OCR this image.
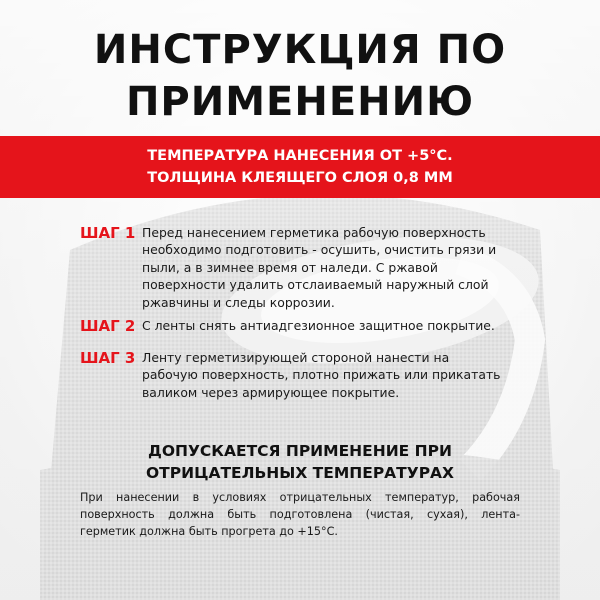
ИНСТРУКЦИЯ ПО
ПРИМЕНЕНИЮ
ТЕМПЕРАТУРА НАНЕСЕНИЯ ОТ +5°С.
ТОЛЩИНА КЛЕЯЩЕГО СЛОЯ 0,8 ММ
ШАГ 1 Перед нанесением герметика рабочую поверхность
необходимо подготовить - осушить, очистить грязи и
пыли, а в зимнее время от наледи. С ржавой
поверхности удалить отслаиваемый наружный слой
ржавчины и следы коррозии.
ШАГ 2 С ленты снять антиадгезионное защитное покрытие.
ШАГ 3 Ленту герметизирующей стороной нанести на
рабочую поверхность, плотно прижать или прикатать
валиком через армирующее покрытие.
ДОПУСКАЕТСЯ ПРИМЕНЕНИЕ ПРИ
ОТРИЦАТЕЛЬНЫХ ТЕМПЕРАТУРАХ
При нанесении в условиях отрицательных температур, рабочая
поверхность должна быть подготовлена (чистая, сухая), лента-
герметик должна быть прогрета до +15°С.
